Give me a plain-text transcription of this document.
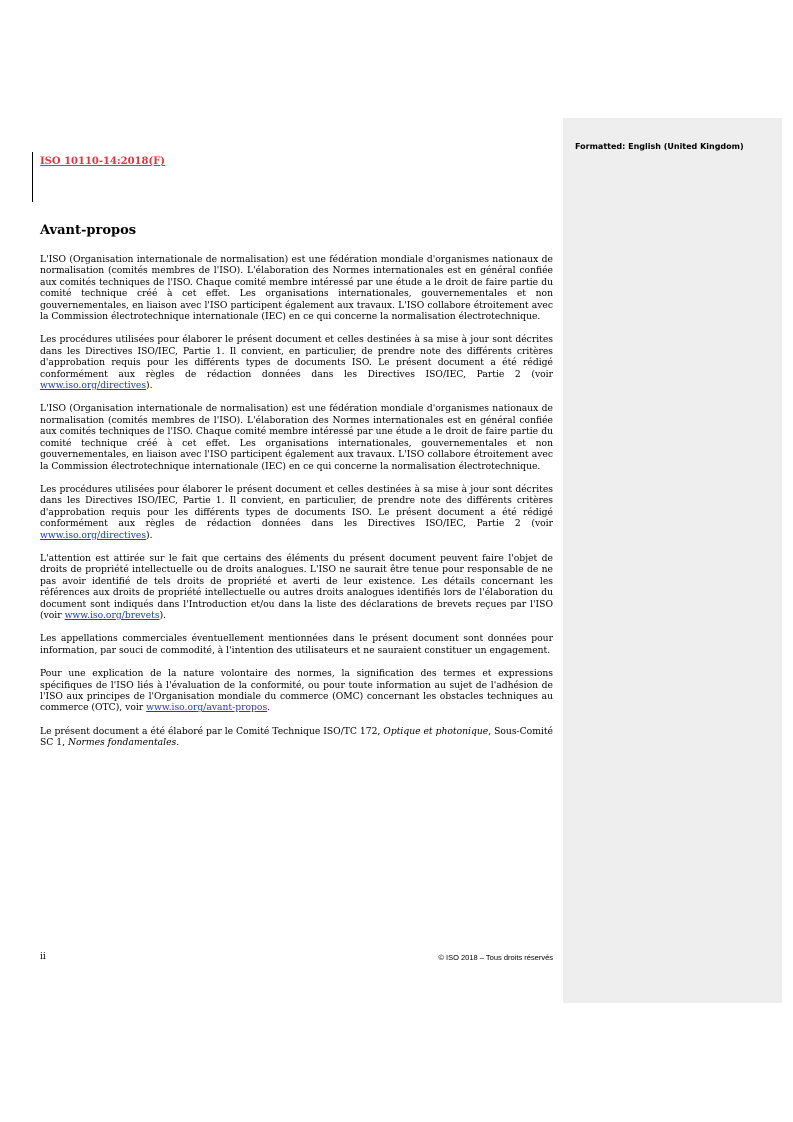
Formatted: English (United Kingdom)
ISO 10110-14:2018(F)
Avant-propos

L'ISO (Organisation internationale de normalisation) est une fédération mondiale d'organismes nationaux de normalisation (comités membres de l'ISO). L'élaboration des Normes internationales est en général confiée aux comités techniques de l'ISO. Chaque comité membre intéressé par une étude a le droit de faire partie du comité technique créé à cet effet. Les organisations internationales, gouvernementales et non gouvernementales, en liaison avec l'ISO participent également aux travaux. L'ISO collabore étroitement avec la Commission électrotechnique internationale (IEC) en ce qui concerne la normalisation électrotechnique.

Les procédures utilisées pour élaborer le présent document et celles destinées à sa mise à jour sont décrites dans les Directives ISO/IEC, Partie 1. Il convient, en particulier, de prendre note des différents critères d'approbation requis pour les différents types de documents ISO. Le présent document a été rédigé conformément aux règles de rédaction données dans les Directives ISO/IEC, Partie 2 (voir www.iso.org/directives).

L'ISO (Organisation internationale de normalisation) est une fédération mondiale d'organismes nationaux de normalisation (comités membres de l'ISO). L'élaboration des Normes internationales est en général confiée aux comités techniques de l'ISO. Chaque comité membre intéressé par une étude a le droit de faire partie du comité technique créé à cet effet. Les organisations internationales, gouvernementales et non gouvernementales, en liaison avec l'ISO participent également aux travaux. L'ISO collabore étroitement avec la Commission électrotechnique internationale (IEC) en ce qui concerne la normalisation électrotechnique.

Les procédures utilisées pour élaborer le présent document et celles destinées à sa mise à jour sont décrites dans les Directives ISO/IEC, Partie 1. Il convient, en particulier, de prendre note des différents critères d'approbation requis pour les différents types de documents ISO. Le présent document a été rédigé conformément aux règles de rédaction données dans les Directives ISO/IEC, Partie 2 (voir www.iso.org/directives).

L'attention est attirée sur le fait que certains des éléments du présent document peuvent faire l'objet de droits de propriété intellectuelle ou de droits analogues. L'ISO ne saurait être tenue pour responsable de ne pas avoir identifié de tels droits de propriété et averti de leur existence. Les détails concernant les références aux droits de propriété intellectuelle ou autres droits analogues identifiés lors de l'élaboration du document sont indiqués dans l'Introduction et/ou dans la liste des déclarations de brevets reçues par l'ISO (voir www.iso.org/brevets).

Les appellations commerciales éventuellement mentionnées dans le présent document sont données pour information, par souci de commodité, à l'intention des utilisateurs et ne sauraient constituer un engagement.

Pour une explication de la nature volontaire des normes, la signification des termes et expressions spécifiques de l'ISO liés à l'évaluation de la conformité, ou pour toute information au sujet de l'adhésion de l'ISO aux principes de l'Organisation mondiale du commerce (OMC) concernant les obstacles techniques au commerce (OTC), voir www.iso.org/avant-propos.

Le présent document a été élaboré par le Comité Technique ISO/TC 172, Optique et photonique, Sous-Comité SC 1, Normes fondamentales.

ii	© ISO 2018 – Tous droits réservés
